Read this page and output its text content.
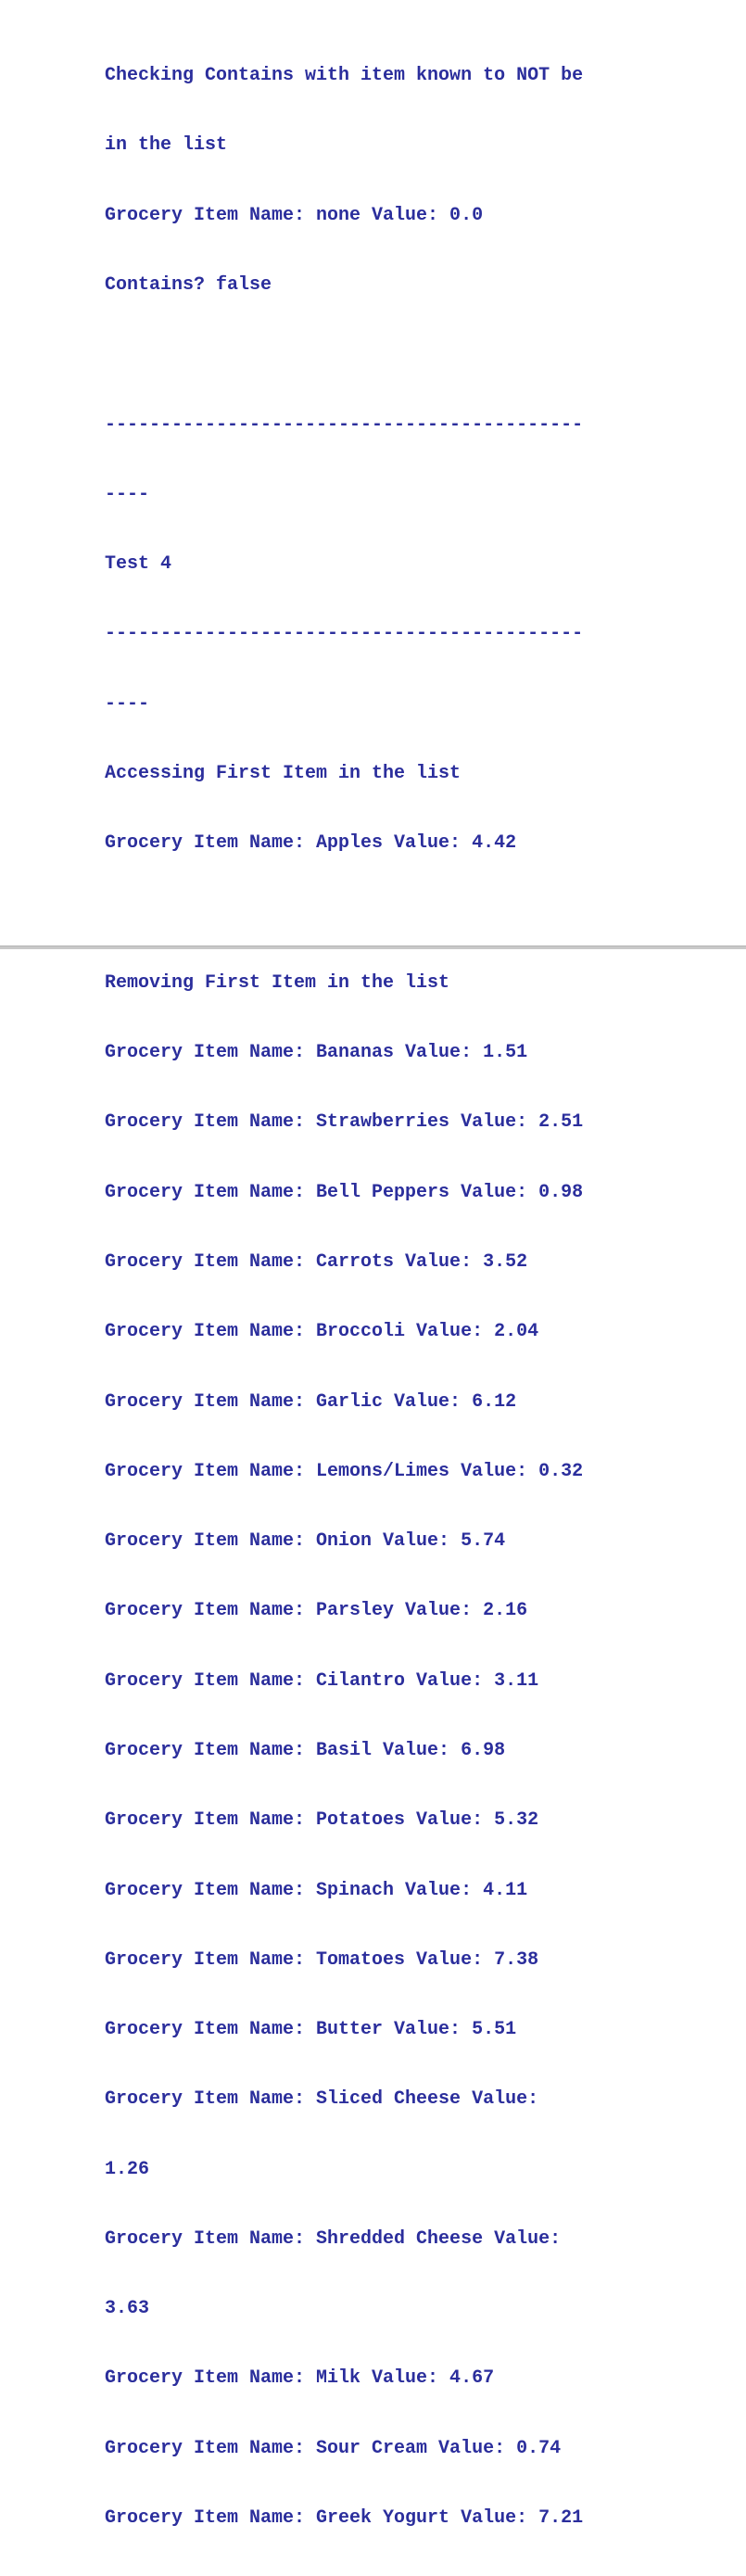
Checking Contains with item known to NOT be

in the list

Grocery Item Name: none Value: 0.0

Contains? false

-------------------------------------------

----

Test 4

-------------------------------------------

----

Accessing First Item in the list

Grocery Item Name: Apples Value: 4.42

Removing First Item in the list

Grocery Item Name: Bananas Value: 1.51

Grocery Item Name: Strawberries Value: 2.51

Grocery Item Name: Bell Peppers Value: 0.98

Grocery Item Name: Carrots Value: 3.52

Grocery Item Name: Broccoli Value: 2.04

Grocery Item Name: Garlic Value: 6.12

Grocery Item Name: Lemons/Limes Value: 0.32

Grocery Item Name: Onion Value: 5.74

Grocery Item Name: Parsley Value: 2.16

Grocery Item Name: Cilantro Value: 3.11

Grocery Item Name: Basil Value: 6.98

Grocery Item Name: Potatoes Value: 5.32

Grocery Item Name: Spinach Value: 4.11

Grocery Item Name: Tomatoes Value: 7.38

Grocery Item Name: Butter Value: 5.51

Grocery Item Name: Sliced Cheese Value:

1.26

Grocery Item Name: Shredded Cheese Value:

3.63

Grocery Item Name: Milk Value: 4.67

Grocery Item Name: Sour Cream Value: 0.74

Grocery Item Name: Greek Yogurt Value: 7.21
